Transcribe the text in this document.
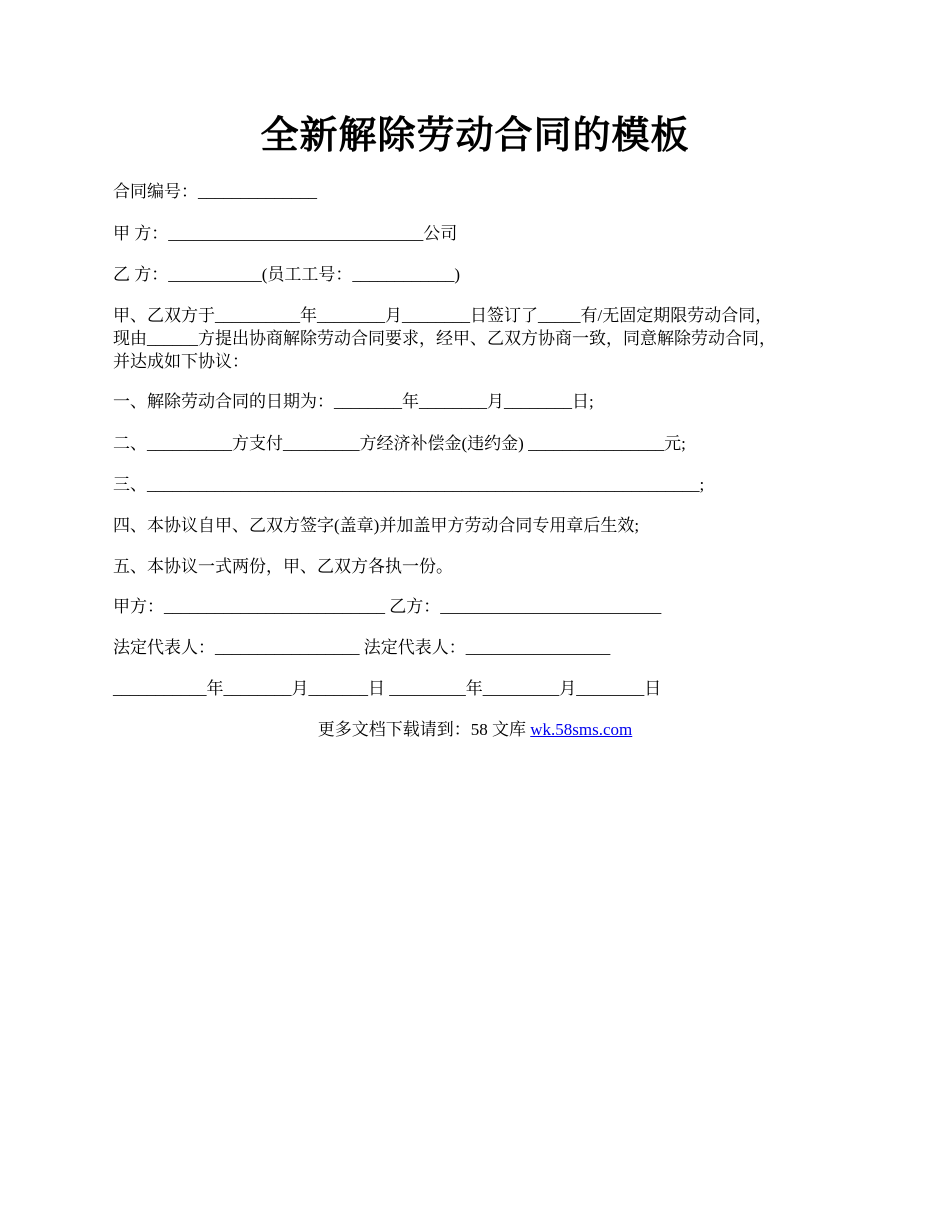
全新解除劳动合同的模板
合同编号：______________
甲 方：______________________________公司
乙 方：___________(员工工号：____________)
甲、乙双方于__________年________月________日签订了_____有/无固定期限劳动合同，
现由______方提出协商解除劳动合同要求，经甲、乙双方协商一致，同意解除劳动合同，
并达成如下协议：
一、解除劳动合同的日期为：________年________月________日;
二、__________方支付_________方经济补偿金(违约金) ________________元;
三、_________________________________________________________________;
四、本协议自甲、乙双方签字(盖章)并加盖甲方劳动合同专用章后生效;
五、本协议一式两份，甲、乙双方各执一份。
甲方：__________________________ 乙方：__________________________
法定代表人：_________________ 法定代表人：_________________
___________年________月_______日 _________年_________月________日
更多文档下载请到：58 文库 wk.58sms.com
